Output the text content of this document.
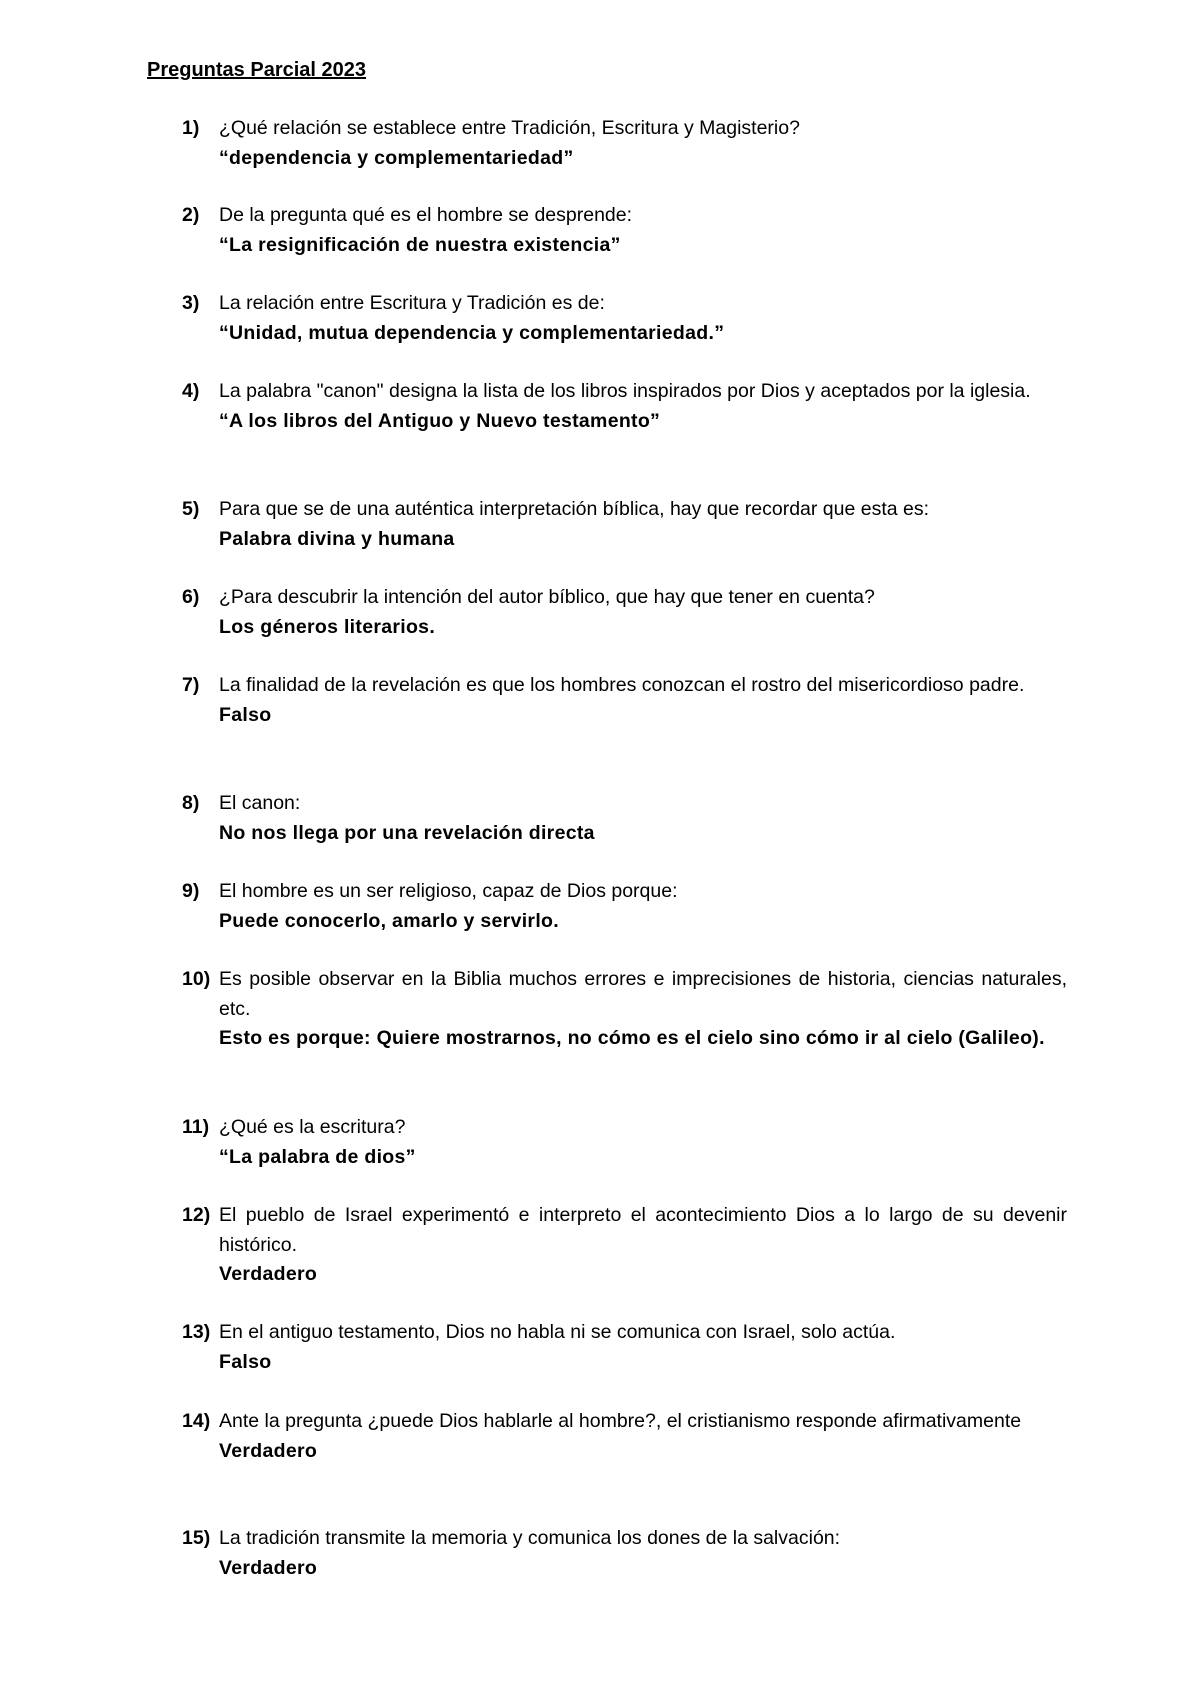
Preguntas Parcial 2023
1) ¿Qué relación se establece entre Tradición, Escritura y Magisterio?

“dependencia y complementariedad”

2) De la pregunta qué es el hombre se desprende:

“La resignificación de nuestra existencia”

3) La relación entre Escritura y Tradición es de:

“Unidad, mutua dependencia y complementariedad.”

4) La palabra "canon" designa la lista de los libros inspirados por Dios y aceptados por la iglesia.

“A los libros del Antiguo y Nuevo testamento”

5) Para que se de una auténtica interpretación bíblica, hay que recordar que esta es:

Palabra divina y humana

6) ¿Para descubrir la intención del autor bíblico, que hay que tener en cuenta?

Los géneros literarios.

7) La finalidad de la revelación es que los hombres conozcan el rostro del misericordioso padre.

Falso

8) El canon:

No nos llega por una revelación directa

9) El hombre es un ser religioso, capaz de Dios porque:

Puede conocerlo, amarlo y servirlo.

10) Es posible observar en la Biblia muchos errores e imprecisiones de historia, ciencias naturales, etc.

Esto es porque: Quiere mostrarnos, no cómo es el cielo sino cómo ir al cielo (Galileo).

11) ¿Qué es la escritura?

“La palabra de dios”

12) El pueblo de Israel experimentó e interpreto el acontecimiento Dios a lo largo de su devenir histórico.

Verdadero

13) En el antiguo testamento, Dios no habla ni se comunica con Israel, solo actúa.

Falso

14) Ante la pregunta ¿puede Dios hablarle al hombre?, el cristianismo responde afirmativamente

Verdadero

15) La tradición transmite la memoria y comunica los dones de la salvación:

Verdadero
